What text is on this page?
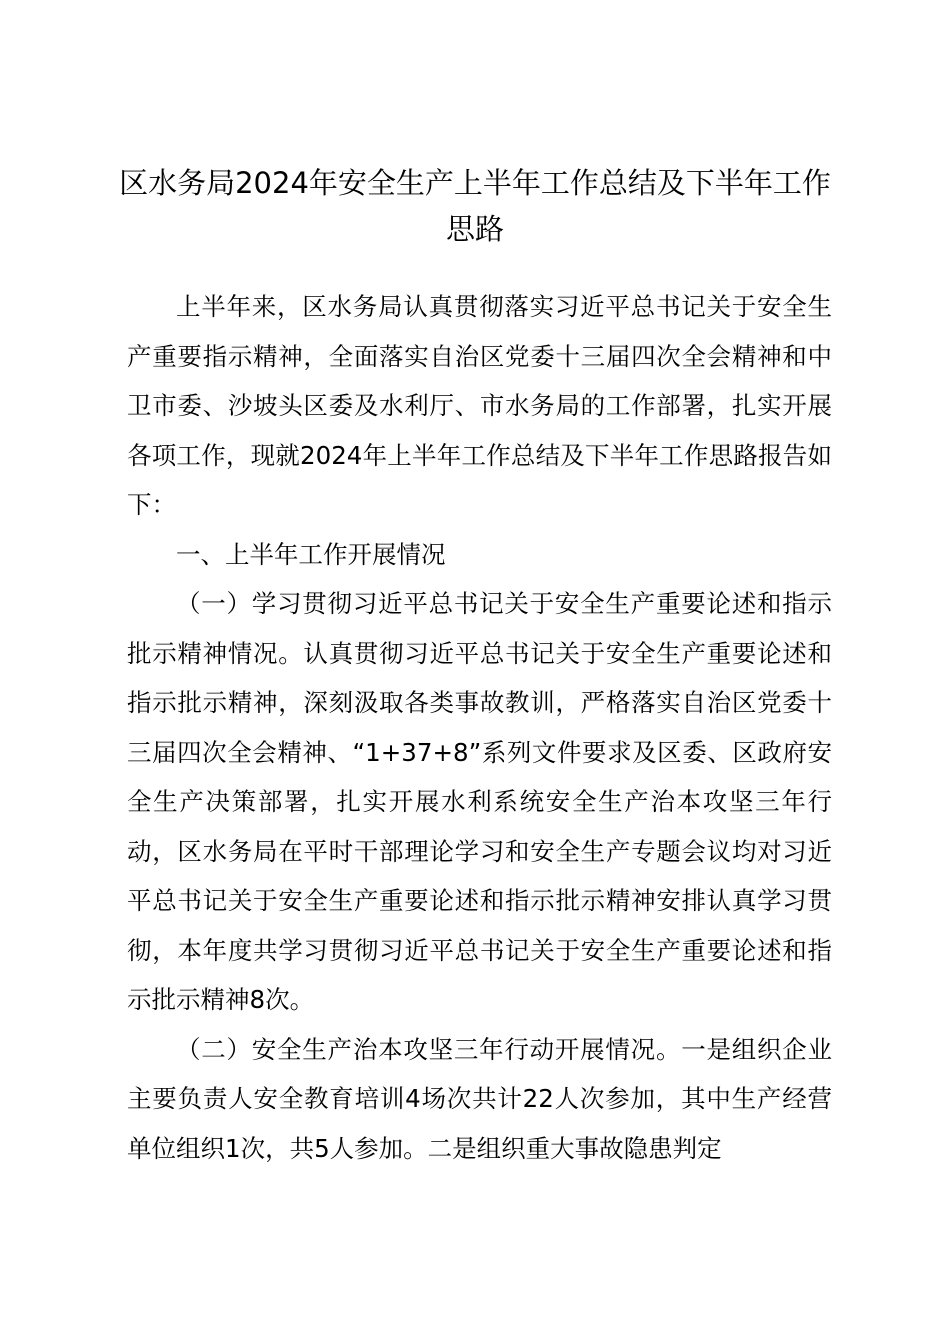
区水务局2024年安全生产上半年工作总结及下半年工作思路

上半年来，区水务局认真贯彻落实习近平总书记关于安全生产重要指示精神，全面落实自治区党委十三届四次全会精神和中卫市委、沙坡头区委及水利厅、市水务局的工作部署，扎实开展各项工作，现就2024年上半年工作总结及下半年工作思路报告如下：

一、上半年工作开展情况

（一）学习贯彻习近平总书记关于安全生产重要论述和指示批示精神情况。认真贯彻习近平总书记关于安全生产重要论述和指示批示精神，深刻汲取各类事故教训，严格落实自治区党委十三届四次全会精神、“1+37+8”系列文件要求及区委、区政府安全生产决策部署，扎实开展水利系统安全生产治本攻坚三年行动，区水务局在平时干部理论学习和安全生产专题会议均对习近平总书记关于安全生产重要论述和指示批示精神安排认真学习贯彻，本年度共学习贯彻习近平总书记关于安全生产重要论述和指示批示精神8次。

（二）安全生产治本攻坚三年行动开展情况。一是组织企业主要负责人安全教育培训4场次共计22人次参加，其中生产经营单位组织1次，共5人参加。二是组织重大事故隐患判定
